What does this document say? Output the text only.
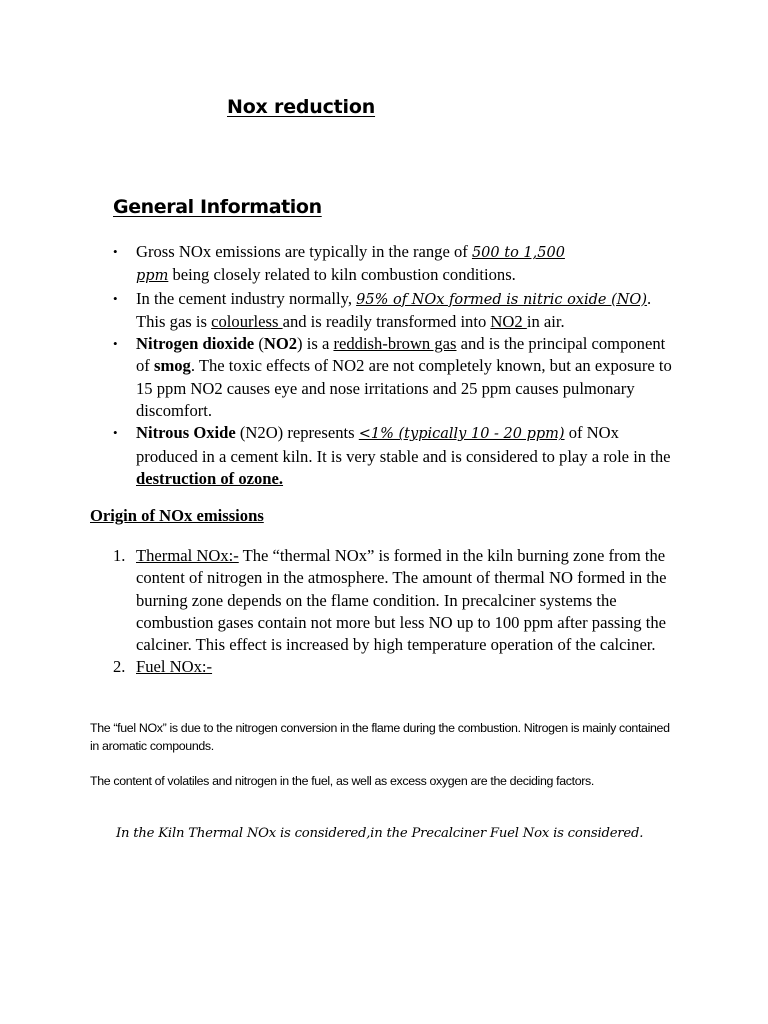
Nox reduction
General Information
• Gross NOx emissions are typically in the range of 500 to 1,500
ppm being closely related to kiln combustion conditions.
• In the cement industry normally, 95% of NOx formed is nitric oxide (NO). This gas is colourless and is readily transformed into NO2 in air.
• Nitrogen dioxide (NO2) is a reddish-brown gas and is the principal component of smog. The toxic effects of NO2 are not completely known, but an exposure to 15 ppm NO2 causes eye and nose irritations and 25 ppm causes pulmonary discomfort.
• Nitrous Oxide (N2O) represents <1% (typically 10 - 20 ppm) of NOx produced in a cement kiln. It is very stable and is considered to play a role in the destruction of ozone.
Origin of NOx emissions
1. Thermal NOx:- The “thermal NOx” is formed in the kiln burning zone from the content of nitrogen in the atmosphere. The amount of thermal NO formed in the burning zone depends on the flame condition. In precalciner systems the combustion gases contain not more but less NO up to 100 ppm after passing the calciner. This effect is increased by high temperature operation of the calciner.
2. Fuel NOx:-
The “fuel NOx” is due to the nitrogen conversion in the flame during the combustion. Nitrogen is mainly contained in aromatic compounds.
The content of volatiles and nitrogen in the fuel, as well as excess oxygen are the deciding factors.
In the Kiln Thermal NOx is considered,in the Precalciner Fuel Nox is considered.
